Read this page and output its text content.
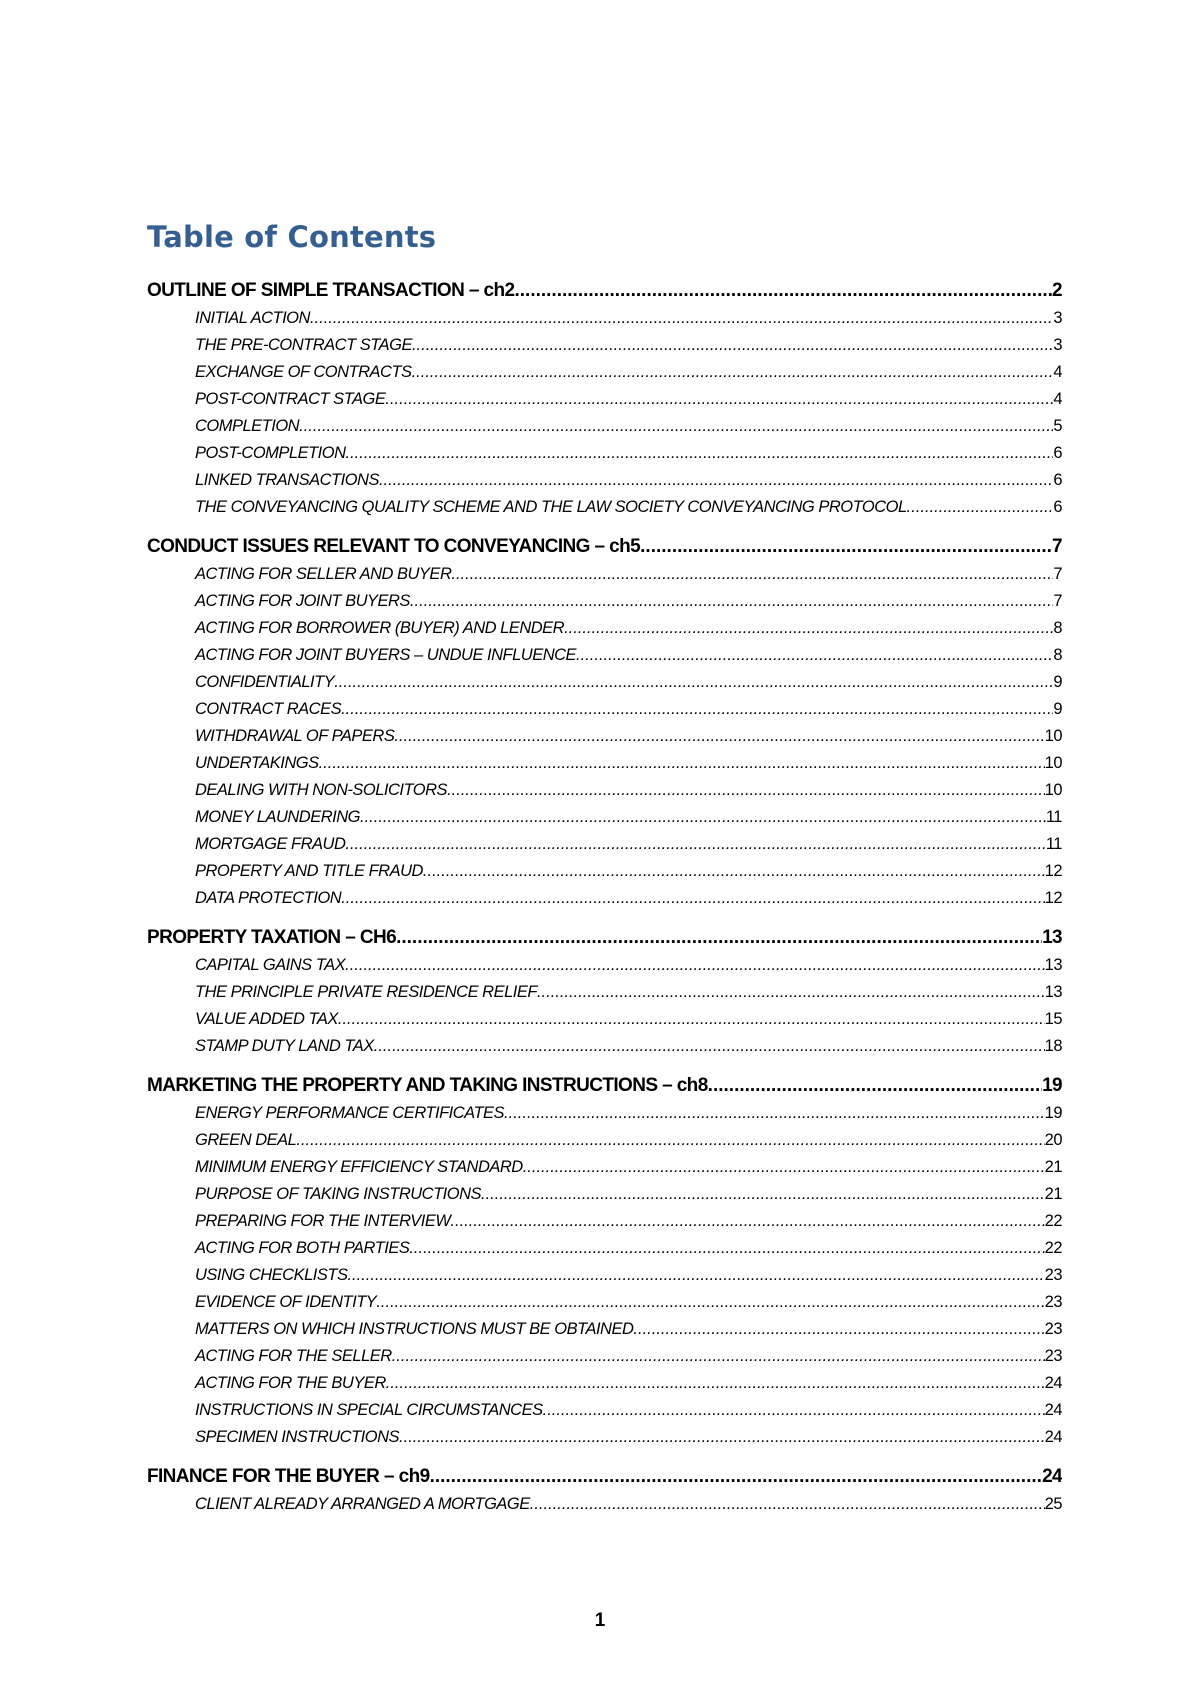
Table of Contents
OUTLINE OF SIMPLE TRANSACTION – ch2 .....	2
INITIAL ACTION .....	3
THE PRE-CONTRACT STAGE .....	3
EXCHANGE OF CONTRACTS .....	4
POST-CONTRACT STAGE .....	4
COMPLETION .....	5
POST-COMPLETION .....	6
LINKED TRANSACTIONS .....	6
THE CONVEYANCING QUALITY SCHEME AND THE LAW SOCIETY CONVEYANCING PROTOCOL .....	6
CONDUCT ISSUES RELEVANT TO CONVEYANCING – ch5 .....	7
ACTING FOR SELLER AND BUYER .....	7
ACTING FOR JOINT BUYERS .....	7
ACTING FOR BORROWER (BUYER) AND LENDER .....	8
ACTING FOR JOINT BUYERS – UNDUE INFLUENCE .....	8
CONFIDENTIALITY .....	9
CONTRACT RACES .....	9
WITHDRAWAL OF PAPERS .....	10
UNDERTAKINGS .....	10
DEALING WITH NON-SOLICITORS .....	10
MONEY LAUNDERING .....	11
MORTGAGE FRAUD .....	11
PROPERTY AND TITLE FRAUD .....	12
DATA PROTECTION .....	12
PROPERTY TAXATION – CH6 .....	13
CAPITAL GAINS TAX .....	13
THE PRINCIPLE PRIVATE RESIDENCE RELIEF .....	13
VALUE ADDED TAX .....	15
STAMP DUTY LAND TAX .....	18
MARKETING THE PROPERTY AND TAKING INSTRUCTIONS – ch8 .....	19
ENERGY PERFORMANCE CERTIFICATES .....	19
GREEN DEAL .....	20
MINIMUM ENERGY EFFICIENCY STANDARD .....	21
PURPOSE OF TAKING INSTRUCTIONS .....	21
PREPARING FOR THE INTERVIEW .....	22
ACTING FOR BOTH PARTIES .....	22
USING CHECKLISTS .....	23
EVIDENCE OF IDENTITY .....	23
MATTERS ON WHICH INSTRUCTIONS MUST BE OBTAINED .....	23
ACTING FOR THE SELLER .....	23
ACTING FOR THE BUYER .....	24
INSTRUCTIONS IN SPECIAL CIRCUMSTANCES .....	24
SPECIMEN INSTRUCTIONS .....	24
FINANCE FOR THE BUYER – ch9 .....	24
CLIENT ALREADY ARRANGED A MORTGAGE .....	25
1
